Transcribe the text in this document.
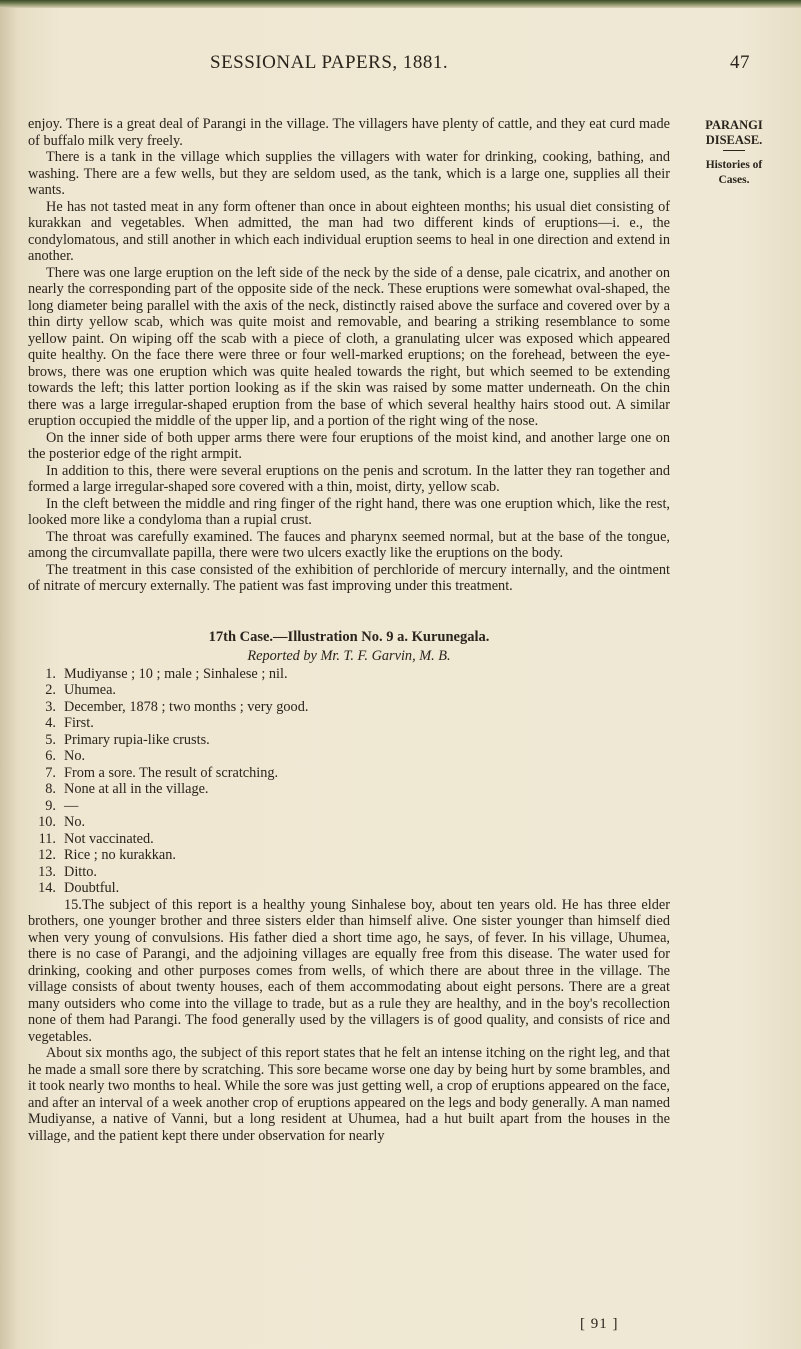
SESSIONAL PAPERS, 1881.	47
PARANGI
DISEASE.
Histories of
Cases.

enjoy. There is a great deal of Parangi in the village. The villagers have plenty of cattle, and they eat curd made of buffalo milk very freely.

There is a tank in the village which supplies the villagers with water for drinking, cooking, bathing, and washing. There are a few wells, but they are seldom used, as the tank, which is a large one, supplies all their wants.

He has not tasted meat in any form oftener than once in about eighteen months; his usual diet consisting of kurakkan and vegetables. When admitted, the man had two different kinds of eruptions—i. e., the condylomatous, and still another in which each individual eruption seems to heal in one direction and extend in another.

There was one large eruption on the left side of the neck by the side of a dense, pale cicatrix, and another on nearly the corresponding part of the opposite side of the neck. These eruptions were somewhat oval-shaped, the long diameter being parallel with the axis of the neck, distinctly raised above the surface and covered over by a thin dirty yellow scab, which was quite moist and removable, and bearing a striking resemblance to some yellow paint. On wiping off the scab with a piece of cloth, a granulating ulcer was exposed which appeared quite healthy. On the face there were three or four well-marked eruptions; on the forehead, between the eye-brows, there was one eruption which was quite healed towards the right, but which seemed to be extending towards the left; this latter portion looking as if the skin was raised by some matter underneath. On the chin there was a large irregular-shaped eruption from the base of which several healthy hairs stood out. A similar eruption occupied the middle of the upper lip, and a portion of the right wing of the nose.

On the inner side of both upper arms there were four eruptions of the moist kind, and another large one on the posterior edge of the right armpit.

In addition to this, there were several eruptions on the penis and scrotum. In the latter they ran together and formed a large irregular-shaped sore covered with a thin, moist, dirty, yellow scab.

In the cleft between the middle and ring finger of the right hand, there was one eruption which, like the rest, looked more like a condyloma than a rupial crust.

The throat was carefully examined. The fauces and pharynx seemed normal, but at the base of the tongue, among the circumvallate papilla, there were two ulcers exactly like the eruptions on the body.

The treatment in this case consisted of the exhibition of perchloride of mercury internally, and the ointment of nitrate of mercury externally. The patient was fast improving under this treatment.

17th Case.—Illustration No. 9 a. Kurunegala.
Reported by Mr. T. F. Garvin, M. B.
1 . Mudiyanse ; 10 ; male ; Sinhalese ; nil.
2 . Uhumea.
3 . December, 1878 ; two months ; very good.
4 . First.
5 . Primary rupia-like crusts.
6 . No.
7 . From a sore. The result of scratching.
8 . None at all in the village.
9 . —
10 . No.
11 . Not vaccinated.
12 . Rice ; no kurakkan.
13 . Ditto.
14 . Doubtful.

15.The subject of this report is a healthy young Sinhalese boy, about ten years old. He has three elder brothers, one younger brother and three sisters elder than himself alive. One sister younger than himself died when very young of convulsions. His father died a short time ago, he says, of fever. In his village, Uhumea, there is no case of Parangi, and the adjoining villages are equally free from this disease. The water used for drinking, cooking and other purposes comes from wells, of which there are about three in the village. The village consists of about twenty houses, each of them accommodating about eight persons. There are a great many outsiders who come into the village to trade, but as a rule they are healthy, and in the boy's recollection none of them had Parangi. The food generally used by the villagers is of good quality, and consists of rice and vegetables.

About six months ago, the subject of this report states that he felt an intense itching on the right leg, and that he made a small sore there by scratching. This sore became worse one day by being hurt by some brambles, and it took nearly two months to heal. While the sore was just getting well, a crop of eruptions appeared on the face, and after an interval of a week another crop of eruptions appeared on the legs and body generally. A man named Mudiyanse, a native of Vanni, but a long resident at Uhumea, had a hut built apart from the houses in the village, and the patient kept there under observation for nearly

[ 91 ]
